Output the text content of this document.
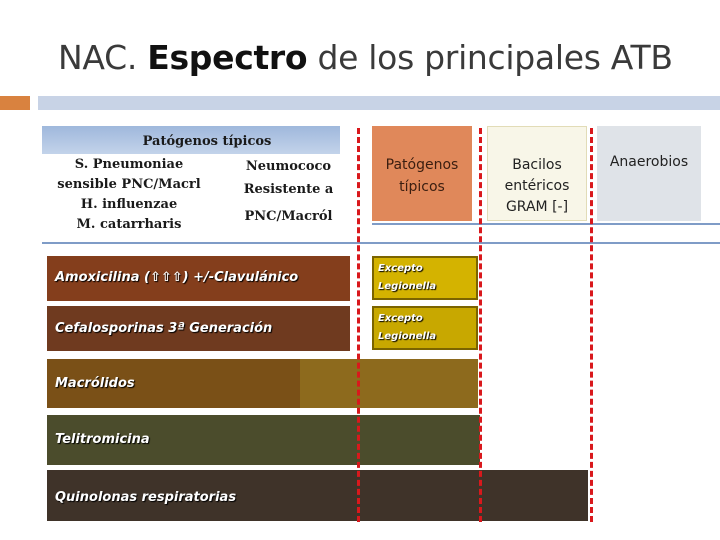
NAC. Espectro de los principales ATB
Patógenos típicos
S. Pneumoniae
sensible PNC/Macrl
H. influenzae
M. catarrharis
Neumococo
Resistente a
PNC/Macról
Patógenos
típicos
Bacilos
entéricos
GRAM [-]
Anaerobios
Amoxicilina (⇧⇧⇧) +/-Clavulánico
Excepto
Legionella
Cefalosporinas 3ª Generación
Excepto
Legionella
Macrólidos
Telitromicina
Quinolonas respiratorias
